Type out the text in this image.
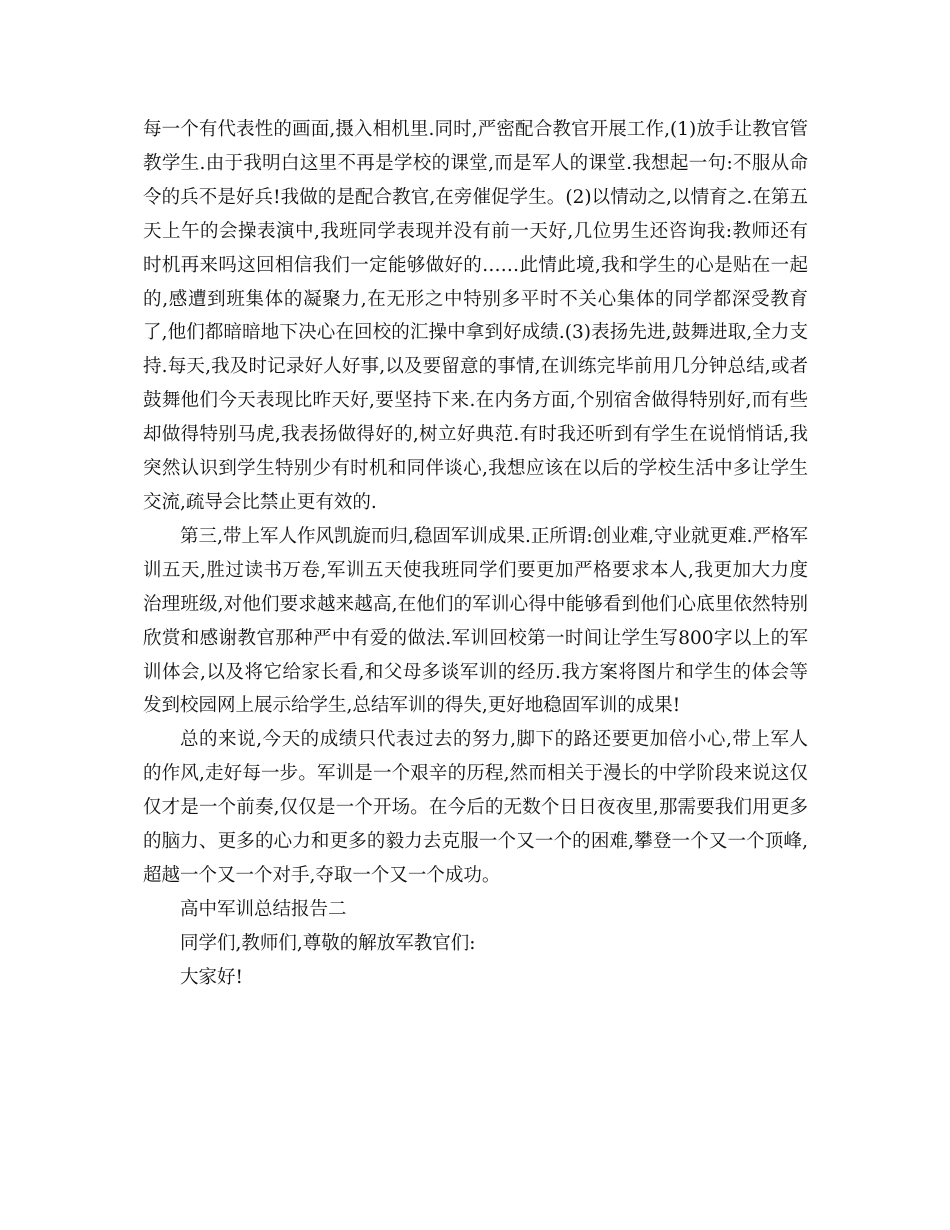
每一个有代表性的画面,摄入相机里.同时,严密配合教官开展工作,(1)放手让教官管教学生.由于我明白这里不再是学校的课堂,而是军人的课堂.我想起一句:不服从命令的兵不是好兵!我做的是配合教官,在旁催促学生。(2)以情动之,以情育之.在第五天上午的会操表演中,我班同学表现并没有前一天好,几位男生还咨询我:教师还有时机再来吗这回相信我们一定能够做好的……此情此境,我和学生的心是贴在一起的,感遭到班集体的凝聚力,在无形之中特别多平时不关心集体的同学都深受教育了,他们都暗暗地下决心在回校的汇操中拿到好成绩.(3)表扬先进,鼓舞进取,全力支持.每天,我及时记录好人好事,以及要留意的事情,在训练完毕前用几分钟总结,或者鼓舞他们今天表现比昨天好,要坚持下来.在内务方面,个别宿舍做得特别好,而有些却做得特别马虎,我表扬做得好的,树立好典范.有时我还听到有学生在说悄悄话,我突然认识到学生特别少有时机和同伴谈心,我想应该在以后的学校生活中多让学生交流,疏导会比禁止更有效的.

第三,带上军人作风凯旋而归,稳固军训成果.正所谓:创业难,守业就更难.严格军训五天,胜过读书万卷,军训五天使我班同学们要更加严格要求本人,我更加大力度治理班级,对他们要求越来越高,在他们的军训心得中能够看到他们心底里依然特别欣赏和感谢教官那种严中有爱的做法.军训回校第一时间让学生写800字以上的军训体会,以及将它给家长看,和父母多谈军训的经历.我方案将图片和学生的体会等发到校园网上展示给学生,总结军训的得失,更好地稳固军训的成果!

总的来说,今天的成绩只代表过去的努力,脚下的路还要更加倍小心,带上军人的作风,走好每一步。军训是一个艰辛的历程,然而相关于漫长的中学阶段来说这仅仅才是一个前奏,仅仅是一个开场。在今后的无数个日日夜夜里,那需要我们用更多的脑力、更多的心力和更多的毅力去克服一个又一个的困难,攀登一个又一个顶峰,超越一个又一个对手,夺取一个又一个成功。

高中军训总结报告二

同学们,教师们,尊敬的解放军教官们:

大家好!
